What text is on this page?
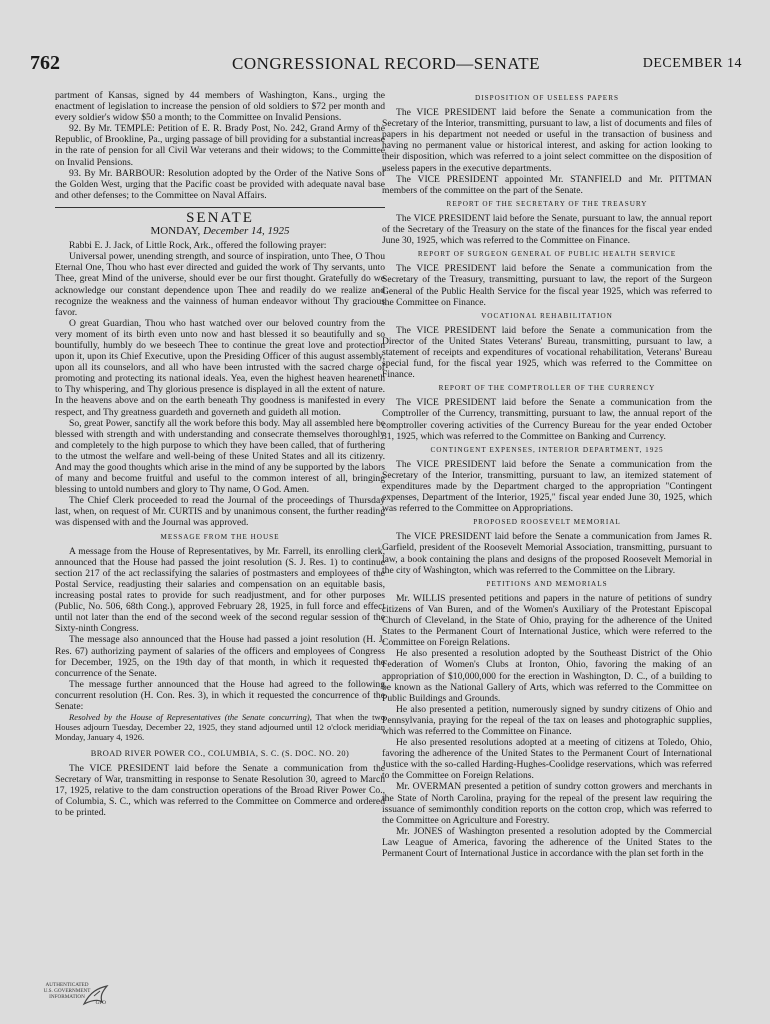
762	CONGRESSIONAL RECORD—SENATE	DECEMBER 14

partment of Kansas, signed by 44 members of Washington, Kans., urging the enactment of legislation to increase the pension of old soldiers to $72 per month and every soldier's widow $50 a month; to the Committee on Invalid Pensions.

92. By Mr. TEMPLE: Petition of E. R. Brady Post, No. 242, Grand Army of the Republic, of Brookline, Pa., urging passage of bill providing for a substantial increase in the rate of pension for all Civil War veterans and their widows; to the Committee on Invalid Pensions.

93. By Mr. BARBOUR: Resolution adopted by the Order of the Native Sons of the Golden West, urging that the Pacific coast be provided with adequate naval base and other defenses; to the Committee on Naval Affairs.

SENATE
MONDAY, December 14, 1925

Rabbi E. J. Jack, of Little Rock, Ark., offered the following prayer:

Universal power, unending strength, and source of inspiration, unto Thee, O Thou Eternal One, Thou who hast ever directed and guided the work of Thy servants, unto Thee, great Mind of the universe, should ever be our first thought. Gratefully do we acknowledge our constant dependence upon Thee and readily do we realize and recognize the weakness and the vainness of human endeavor without Thy gracious favor.

O great Guardian, Thou who hast watched over our beloved country from the very moment of its birth even unto now and hast blessed it so beautifully and so bountifully, humbly do we beseech Thee to continue the great love and protection upon it, upon its Chief Executive, upon the Presiding Officer of this august assembly, upon all its counselors, and all who have been intrusted with the sacred charge of promoting and protecting its national ideals. Yea, even the highest heaven heareneth to Thy whispering, and Thy glorious presence is displayed in all the extent of nature. In the heavens above and on the earth beneath Thy goodness is manifested in every respect, and Thy greatness guardeth and governeth and guideth all motion.

So, great Power, sanctify all the work before this body. May all assembled here be blessed with strength and with understanding and consecrate themselves thoroughly and completely to the high purpose to which they have been called, that of furthering to the utmost the welfare and well-being of these United States and all its citizenry. And may the good thoughts which arise in the mind of any be supported by the labors of many and become fruitful and useful to the common interest of all, bringing blessing to untold numbers and glory to Thy name, O God. Amen.

The Chief Clerk proceeded to read the Journal of the proceedings of Thursday last, when, on request of Mr. CURTIS and by unanimous consent, the further reading was dispensed with and the Journal was approved.

MESSAGE FROM THE HOUSE

A message from the House of Representatives, by Mr. Farrell, its enrolling clerk, announced that the House had passed the joint resolution (S. J. Res. 1) to continue section 217 of the act reclassifying the salaries of postmasters and employees of the Postal Service, readjusting their salaries and compensation on an equitable basis, increasing postal rates to provide for such readjustment, and for other purposes (Public, No. 506, 68th Cong.), approved February 28, 1925, in full force and effect until not later than the end of the second week of the second regular session of the Sixty-ninth Congress.

The message also announced that the House had passed a joint resolution (H. J. Res. 67) authorizing payment of salaries of the officers and employees of Congress for December, 1925, on the 19th day of that month, in which it requested the concurrence of the Senate.

The message further announced that the House had agreed to the following concurrent resolution (H. Con. Res. 3), in which it requested the concurrence of the Senate:

Resolved by the House of Representatives (the Senate concurring), That when the two Houses adjourn Tuesday, December 22, 1925, they stand adjourned until 12 o'clock meridian Monday, January 4, 1926.

BROAD RIVER POWER CO., COLUMBIA, S. C. (S. DOC. NO. 20)

The VICE PRESIDENT laid before the Senate a communication from the Secretary of War, transmitting in response to Senate Resolution 30, agreed to March 17, 1925, relative to the dam construction operations of the Broad River Power Co., of Columbia, S. C., which was referred to the Committee on Commerce and ordered to be printed.

DISPOSITION OF USELESS PAPERS

The VICE PRESIDENT laid before the Senate a communication from the Secretary of the Interior, transmitting, pursuant to law, a list of documents and files of papers in his department not needed or useful in the transaction of business and having no permanent value or historical interest, and asking for action looking to their disposition, which was referred to a joint select committee on the disposition of useless papers in the executive departments.

The VICE PRESIDENT appointed Mr. STANFIELD and Mr. PITTMAN members of the committee on the part of the Senate.

REPORT OF THE SECRETARY OF THE TREASURY

The VICE PRESIDENT laid before the Senate, pursuant to law, the annual report of the Secretary of the Treasury on the state of the finances for the fiscal year ended June 30, 1925, which was referred to the Committee on Finance.

REPORT OF SURGEON GENERAL OF PUBLIC HEALTH SERVICE

The VICE PRESIDENT laid before the Senate a communication from the Secretary of the Treasury, transmitting, pursuant to law, the report of the Surgeon General of the Public Health Service for the fiscal year 1925, which was referred to the Committee on Finance.

VOCATIONAL REHABILITATION

The VICE PRESIDENT laid before the Senate a communication from the Director of the United States Veterans' Bureau, transmitting, pursuant to law, a statement of receipts and expenditures of vocational rehabilitation, Veterans' Bureau special fund, for the fiscal year 1925, which was referred to the Committee on Finance.

REPORT OF THE COMPTROLLER OF THE CURRENCY

The VICE PRESIDENT laid before the Senate a communication from the Comptroller of the Currency, transmitting, pursuant to law, the annual report of the comptroller covering activities of the Currency Bureau for the year ended October 31, 1925, which was referred to the Committee on Banking and Currency.

CONTINGENT EXPENSES, INTERIOR DEPARTMENT, 1925

The VICE PRESIDENT laid before the Senate a communication from the Secretary of the Interior, transmitting, pursuant to law, an itemized statement of expenditures made by the Department charged to the appropriation "Contingent expenses, Department of the Interior, 1925," fiscal year ended June 30, 1925, which was referred to the Committee on Appropriations.

PROPOSED ROOSEVELT MEMORIAL

The VICE PRESIDENT laid before the Senate a communication from James R. Garfield, president of the Roosevelt Memorial Association, transmitting, pursuant to law, a book containing the plans and designs of the proposed Roosevelt Memorial in the city of Washington, which was referred to the Committee on the Library.

PETITIONS AND MEMORIALS

Mr. WILLIS presented petitions and papers in the nature of petitions of sundry citizens of Van Buren, and of the Women's Auxiliary of the Protestant Episcopal Church of Cleveland, in the State of Ohio, praying for the adherence of the United States to the Permanent Court of International Justice, which were referred to the Committee on Foreign Relations.

He also presented a resolution adopted by the Southeast District of the Ohio Federation of Women's Clubs at Ironton, Ohio, favoring the making of an appropriation of $10,000,000 for the erection in Washington, D. C., of a building to be known as the National Gallery of Arts, which was referred to the Committee on Public Buildings and Grounds.

He also presented a petition, numerously signed by sundry citizens of Ohio and Pennsylvania, praying for the repeal of the tax on leases and photographic supplies, which was referred to the Committee on Finance.

He also presented resolutions adopted at a meeting of citizens at Toledo, Ohio, favoring the adherence of the United States to the Permanent Court of International Justice with the so-called Harding-Hughes-Coolidge reservations, which was referred to the Committee on Foreign Relations.

Mr. OVERMAN presented a petition of sundry cotton growers and merchants in the State of North Carolina, praying for the repeal of the present law requiring the issuance of semimonthly condition reports on the cotton crop, which was referred to the Committee on Agriculture and Forestry.

Mr. JONES of Washington presented a resolution adopted by the Commercial Law League of America, favoring the adherence of the United States to the Permanent Court of International Justice in accordance with the plan set forth in the

AUTHENTICATED
U.S. GOVERNMENT
INFORMATION
GPO
